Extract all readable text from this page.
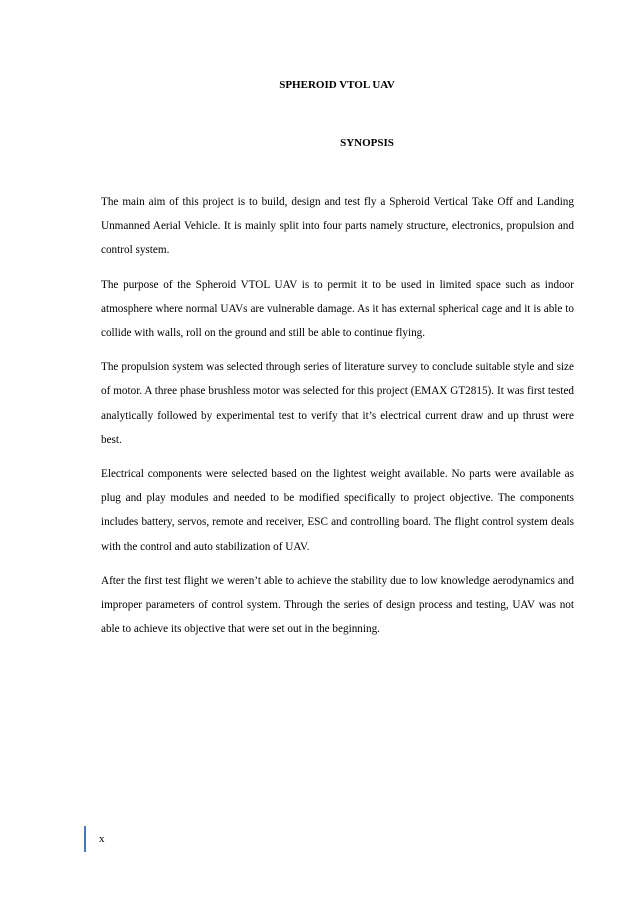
SPHEROID VTOL UAV
SYNOPSIS

The main aim of this project is to build, design and test fly a Spheroid Vertical Take Off and Landing Unmanned Aerial Vehicle. It is mainly split into four parts namely structure, electronics, propulsion and control system.

The purpose of the Spheroid VTOL UAV is to permit it to be used in limited space such as indoor atmosphere where normal UAVs are vulnerable damage. As it has external spherical cage and it is able to collide with walls, roll on the ground and still be able to continue flying.

The propulsion system was selected through series of literature survey to conclude suitable style and size of motor. A three phase brushless motor was selected for this project (EMAX GT2815). It was first tested analytically followed by experimental test to verify that it’s electrical current draw and up thrust were best.

Electrical components were selected based on the lightest weight available. No parts were available as plug and play modules and needed to be modified specifically to project objective. The components includes battery, servos, remote and receiver, ESC and controlling board. The flight control system deals with the control and auto stabilization of UAV.

After the first test flight we weren’t able to achieve the stability due to low knowledge aerodynamics and improper parameters of control system. Through the series of design process and testing, UAV was not able to achieve its objective that were set out in the beginning.

x
